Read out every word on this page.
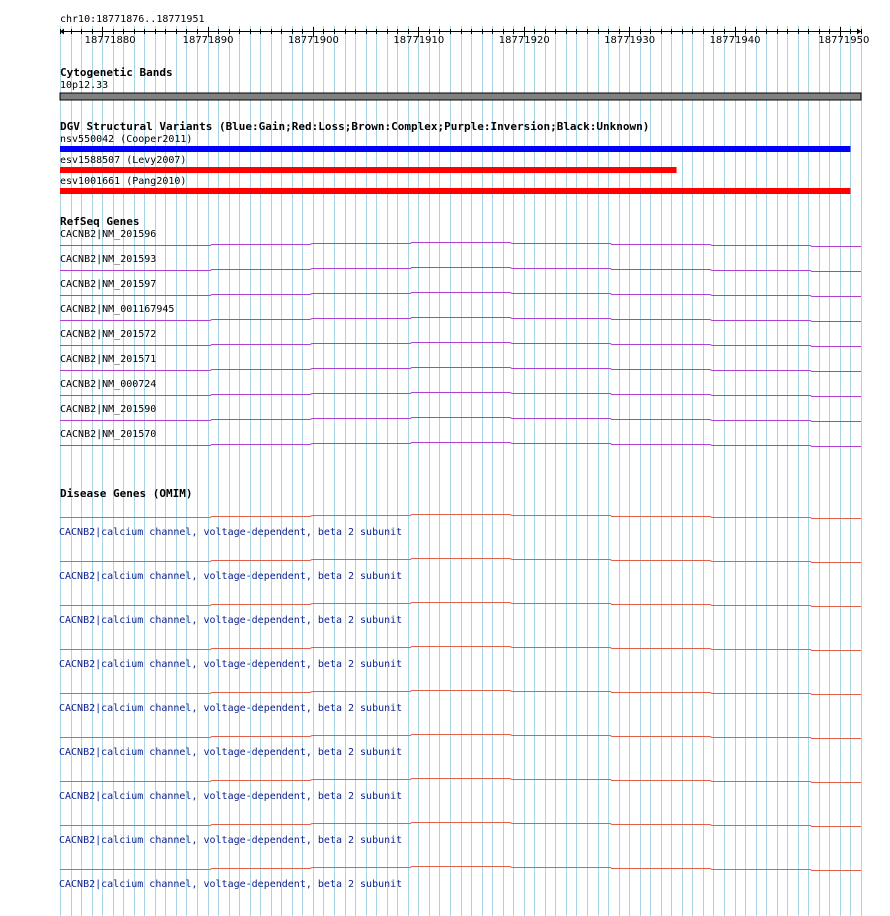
18771880	18771890	18771900	18771910	18771920	18771930	18771940	18771950
nsv550042 (Cooper2011)
esv1588507 (Levy2007)
esv1001661 (Pang2010)
CACNB2|NM_201596
CACNB2|NM_201593
CACNB2|NM_201597
CACNB2|NM_001167945
CACNB2|NM_201572
CACNB2|NM_201571
CACNB2|NM_000724
CACNB2|NM_201590
CACNB2|NM_201570
CACNB2|calcium channel, voltage-dependent, beta 2 subunit
CACNB2|calcium channel, voltage-dependent, beta 2 subunit
CACNB2|calcium channel, voltage-dependent, beta 2 subunit
CACNB2|calcium channel, voltage-dependent, beta 2 subunit
CACNB2|calcium channel, voltage-dependent, beta 2 subunit
CACNB2|calcium channel, voltage-dependent, beta 2 subunit
CACNB2|calcium channel, voltage-dependent, beta 2 subunit
CACNB2|calcium channel, voltage-dependent, beta 2 subunit
CACNB2|calcium channel, voltage-dependent, beta 2 subunit
chr10:18771876..18771951
Cytogenetic Bands
10p12.33
DGV Structural Variants (Blue:Gain;Red:Loss;Brown:Complex;Purple:Inversion;Black:Unknown)
RefSeq Genes
Disease Genes (OMIM)
